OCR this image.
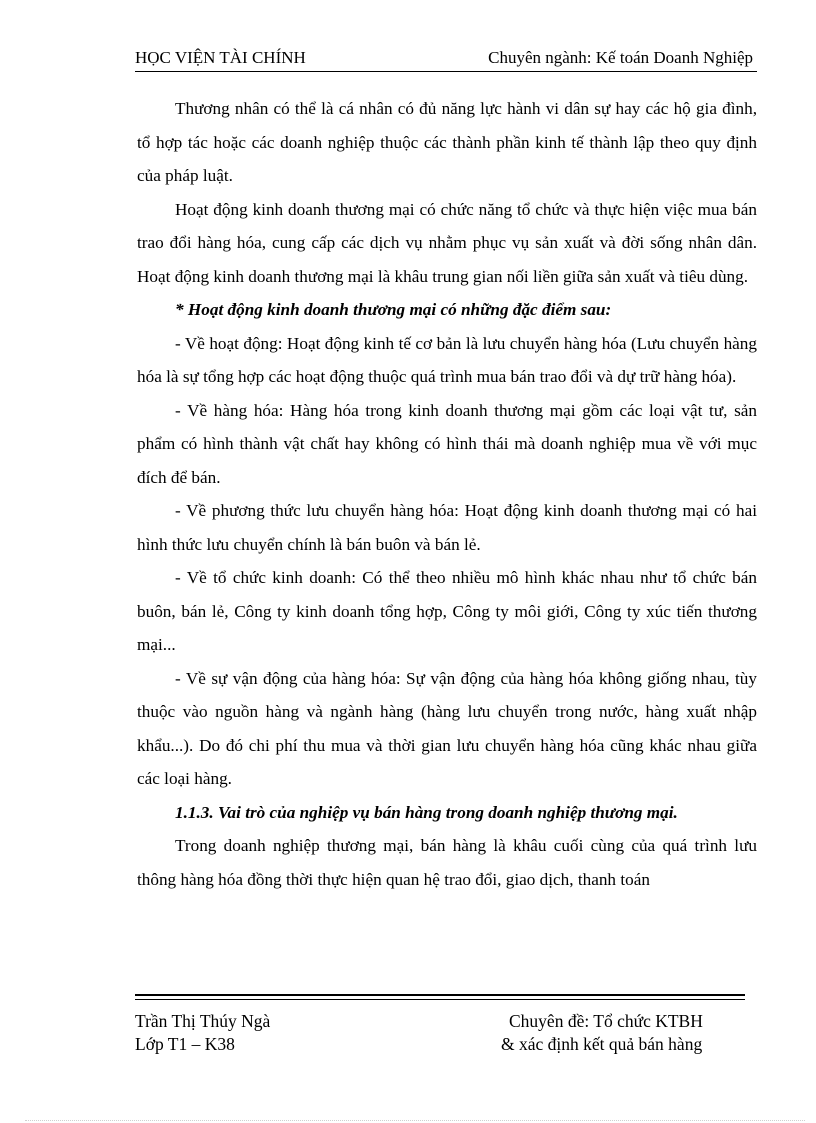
HỌC VIỆN TÀI CHÍNH	Chuyên ngành: Kế toán Doanh Nghiệp

Thương nhân có thể là cá nhân có đủ năng lực hành vi dân sự hay các hộ gia đình, tổ hợp tác hoặc các doanh nghiệp thuộc các thành phần kinh tế thành lập theo quy định của pháp luật.

Hoạt động kinh doanh thương mại có chức năng tổ chức và thực hiện việc mua bán trao đổi hàng hóa, cung cấp các dịch vụ nhằm phục vụ sản xuất và đời sống nhân dân. Hoạt động kinh doanh thương mại là khâu trung gian nối liền giữa sản xuất và tiêu dùng.

* Hoạt động kinh doanh thương mại có những đặc điểm sau:

- Về hoạt động: Hoạt động kinh tế cơ bản là lưu chuyển hàng hóa (Lưu chuyển hàng hóa là sự tổng hợp các hoạt động thuộc quá trình mua bán trao đổi và dự trữ hàng hóa).

- Về hàng hóa: Hàng hóa trong kinh doanh thương mại gồm các loại vật tư, sản phẩm có hình thành vật chất hay không có hình thái mà doanh nghiệp mua về với mục đích để bán.

- Về phương thức lưu chuyển hàng hóa: Hoạt động kinh doanh thương mại có hai hình thức lưu chuyển chính là bán buôn và bán lẻ.

- Về tổ chức kinh doanh: Có thể theo nhiều mô hình khác nhau như tổ chức bán buôn, bán lẻ, Công ty kinh doanh tổng hợp, Công ty môi giới, Công ty xúc tiến thương mại...

- Về sự vận động của hàng hóa: Sự vận động của hàng hóa không giống nhau, tùy thuộc vào nguồn hàng và ngành hàng (hàng lưu chuyển trong nước, hàng xuất nhập khẩu...). Do đó chi phí thu mua và thời gian lưu chuyển hàng hóa cũng khác nhau giữa các loại hàng.

1.1.3. Vai trò của nghiệp vụ bán hàng trong doanh nghiệp thương mại.

Trong doanh nghiệp thương mại, bán hàng là khâu cuối cùng của quá trình lưu thông hàng hóa đồng thời thực hiện quan hệ trao đổi, giao dịch, thanh toán

Trần Thị Thúy Ngà
Lớp T1 – K38
Chuyên đề: Tổ chức KTBH
& xác định kết quả bán hàng
